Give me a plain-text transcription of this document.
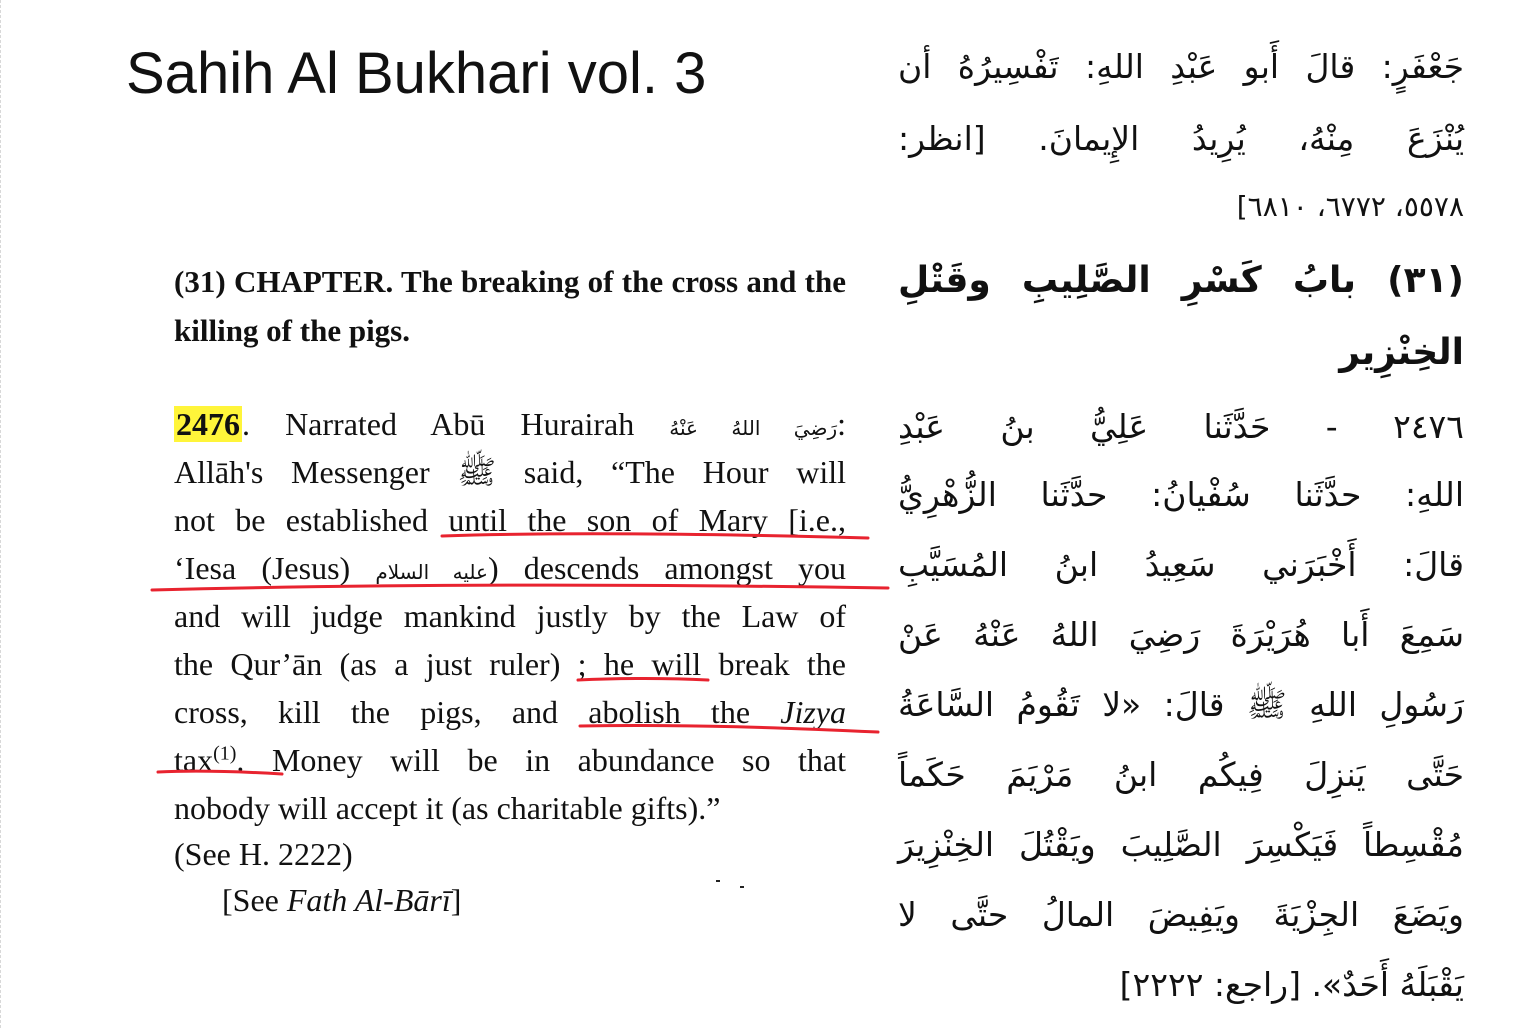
Sahih Al Bukhari vol. 3
(31) CHAPTER. The breaking of the cross and the killing of the pigs.
2476. Narrated Abū Hurairah رَضِيَ اللهُ عَنْهُ:
Allāh's Messenger ﷺ said, “The Hour will
not be established until the son of Mary [i.e.,
‘Iesa (Jesus) عليه السلام) descends amongst you
and will judge mankind justly by the Law of
the Qur’ān (as a just ruler) ; he will break the
cross, kill the pigs, and abolish the Jizya
tax$^{(1)}$. Money will be in abundance so that
nobody will accept it (as charitable gifts).”
(See H. 2222)
[See Fath Al-Bārī]
جَعْفَرٍ: قالَ أَبو عَبْدِ اللهِ: تَفْسِيرُهُ أن
يُنْزَعَ مِنْهُ، يُرِيدُ الإِيمانَ. [انظر:
٥٥٧٨، ٦٧٧٢، ٦٨١٠]
(٣١) بابُ كَسْرِ الصَّلِيبِ وقَتْلِ
الخِنْزِير
٢٤٧٦ - حَدَّثَنا عَلِيُّ بنُ عَبْدِ
اللهِ: حدَّثَنا سُفْيانُ: حدَّثَنا الزُّهْرِيُّ
قالَ: أَخْبَرَني سَعِيدُ ابنُ المُسَيَّبِ
سَمِعَ أَبا هُرَيْرَةَ رَضِيَ اللهُ عَنْهُ عَنْ
رَسُولِ اللهِ ﷺ قالَ: «لا تَقُومُ السَّاعَةُ
حَتَّى يَنزِلَ فِيكُم ابنُ مَرْيَمَ حَكَماً
مُقْسِطاً فَيَكْسِرَ الصَّلِيبَ ويَقْتُلَ الخِنْزِيرَ
ويَضَعَ الجِزْيَةَ ويَفِيضَ المالُ حتَّى لا
يَقْبَلَهُ أَحَدٌ». [راجع: ٢٢٢٢]
